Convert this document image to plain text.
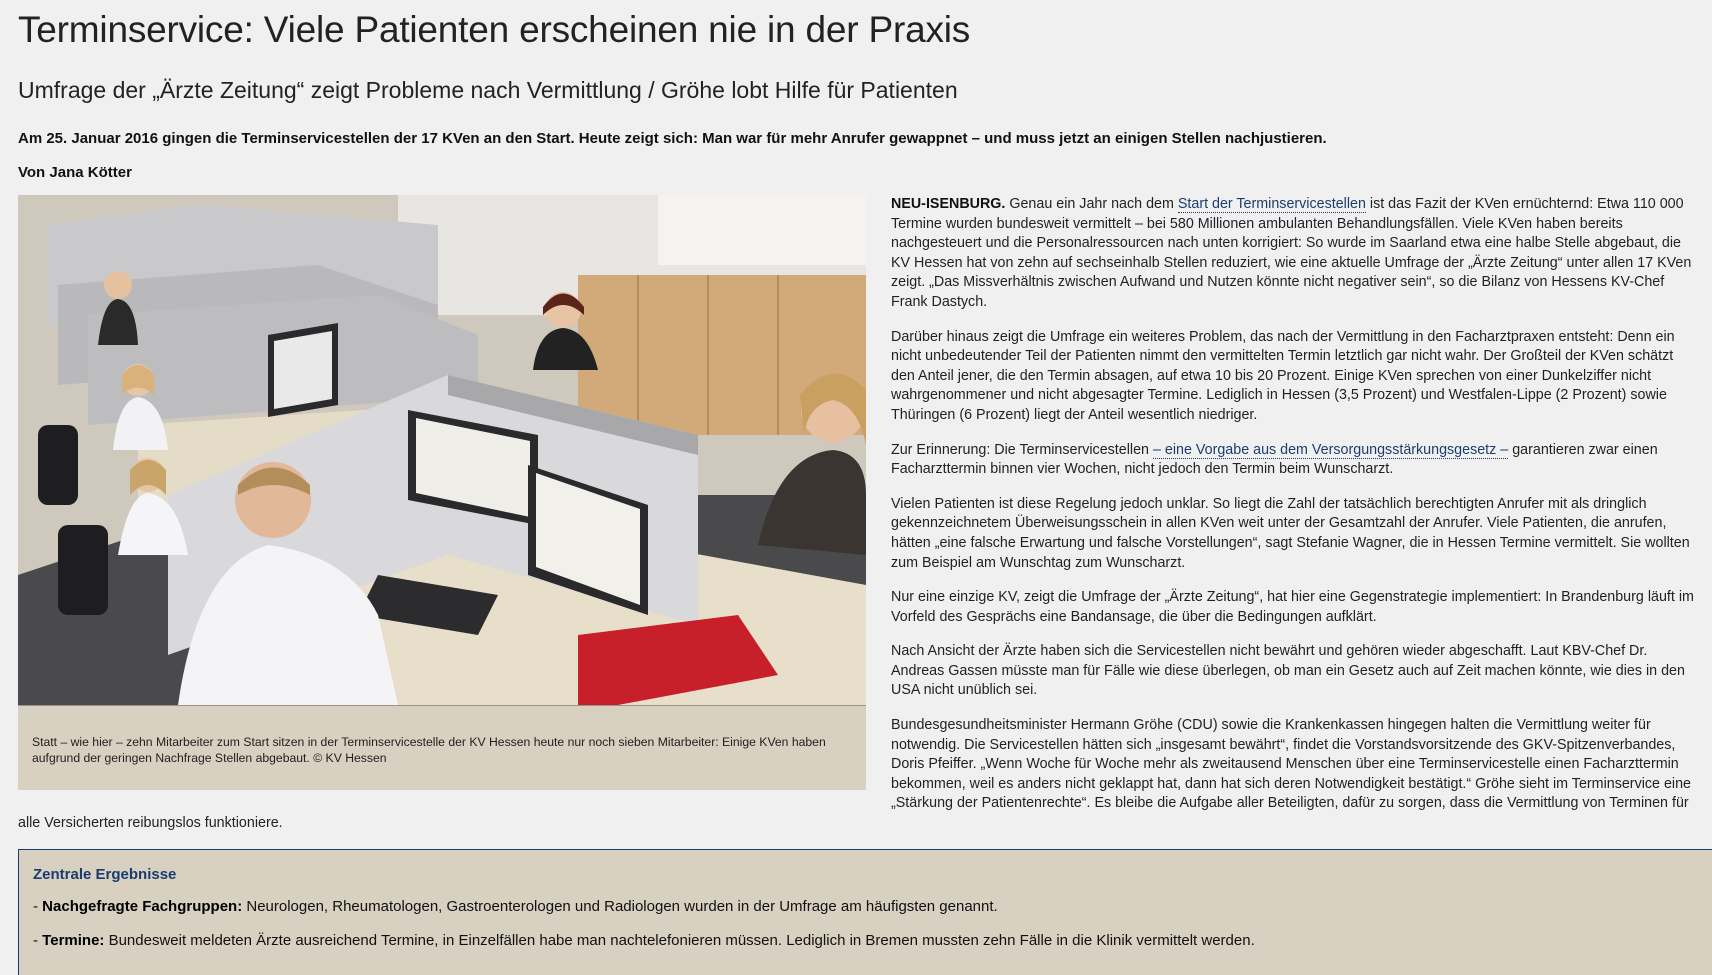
Terminservice: Viele Patienten erscheinen nie in der Praxis
Umfrage der „Ärzte Zeitung“ zeigt Probleme nach Vermittlung / Gröhe lobt Hilfe für Patienten

Am 25. Januar 2016 gingen die Terminservicestellen der 17 KVen an den Start. Heute zeigt sich: Man war für mehr Anrufer gewappnet – und muss jetzt an einigen Stellen nachjustieren.

Von Jana Kötter

Statt – wie hier – zehn Mitarbeiter zum Start sitzen in der Terminservicestelle der KV Hessen heute nur noch sieben Mitarbeiter: Einige KVen haben aufgrund der geringen Nachfrage Stellen abgebaut. © KV Hessen

NEU-ISENBURG. Genau ein Jahr nach dem Start der Terminservicestellen ist das Fazit der KVen ernüchternd: Etwa 110 000 Termine wurden bundesweit vermittelt – bei 580 Millionen ambulanten Behandlungsfällen. Viele KVen haben bereits nachgesteuert und die Personalressourcen nach unten korrigiert: So wurde im Saarland etwa eine halbe Stelle abgebaut, die KV Hessen hat von zehn auf sechseinhalb Stellen reduziert, wie eine aktuelle Umfrage der „Ärzte Zeitung“ unter allen 17 KVen zeigt. „Das Missverhältnis zwischen Aufwand und Nutzen könnte nicht negativer sein“, so die Bilanz von Hessens KV-Chef Frank Dastych.

Darüber hinaus zeigt die Umfrage ein weiteres Problem, das nach der Vermittlung in den Facharztpraxen entsteht: Denn ein nicht unbedeutender Teil der Patienten nimmt den vermittelten Termin letztlich gar nicht wahr. Der Großteil der KVen schätzt den Anteil jener, die den Termin absagen, auf etwa 10 bis 20 Prozent. Einige KVen sprechen von einer Dunkelziffer nicht wahrgenommener und nicht abgesagter Termine. Lediglich in Hessen (3,5 Prozent) und Westfalen-Lippe (2 Prozent) sowie Thüringen (6 Prozent) liegt der Anteil wesentlich niedriger.

Zur Erinnerung: Die Terminservicestellen – eine Vorgabe aus dem Versorgungsstärkungsgesetz – garantieren zwar einen Facharzttermin binnen vier Wochen, nicht jedoch den Termin beim Wunscharzt.

Vielen Patienten ist diese Regelung jedoch unklar. So liegt die Zahl der tatsächlich berechtigten Anrufer mit als dringlich gekennzeichnetem Überweisungsschein in allen KVen weit unter der Gesamtzahl der Anrufer. Viele Patienten, die anrufen, hätten „eine falsche Erwartung und falsche Vorstellungen“, sagt Stefanie Wagner, die in Hessen Termine vermittelt. Sie wollten zum Beispiel am Wunschtag zum Wunscharzt.

Nur eine einzige KV, zeigt die Umfrage der „Ärzte Zeitung“, hat hier eine Gegenstrategie implementiert: In Brandenburg läuft im Vorfeld des Gesprächs eine Bandansage, die über die Bedingungen aufklärt.

Nach Ansicht der Ärzte haben sich die Servicestellen nicht bewährt und gehören wieder abgeschafft. Laut KBV-Chef Dr. Andreas Gassen müsste man für Fälle wie diese überlegen, ob man ein Gesetz auch auf Zeit machen könnte, wie dies in den USA nicht unüblich sei.

Bundesgesundheitsminister Hermann Gröhe (CDU) sowie die Krankenkassen hingegen halten die Vermittlung weiter für notwendig. Die Servicestellen hätten sich „insgesamt bewährt“, findet die Vorstandsvorsitzende des GKV-Spitzenverbandes, Doris Pfeiffer. „Wenn Woche für Woche mehr als zweitausend Menschen über eine Terminservicestelle einen Facharzttermin bekommen, weil es anders nicht geklappt hat, dann hat sich deren Notwendigkeit bestätigt.“ Gröhe sieht im Terminservice eine „Stärkung der Patientenrechte“. Es bleibe die Aufgabe aller Beteiligten, dafür zu sorgen, dass die Vermittlung von Terminen für alle Versicherten reibungslos funktioniere.

Zentrale Ergebnisse

- Nachgefragte Fachgruppen: Neurologen, Rheumatologen, Gastroenterologen und Radiologen wurden in der Umfrage am häufigsten genannt.

- Termine: Bundesweit meldeten Ärzte ausreichend Termine, in Einzelfällen habe man nachtelefonieren müssen. Lediglich in Bremen mussten zehn Fälle in die Klinik vermittelt werden.
